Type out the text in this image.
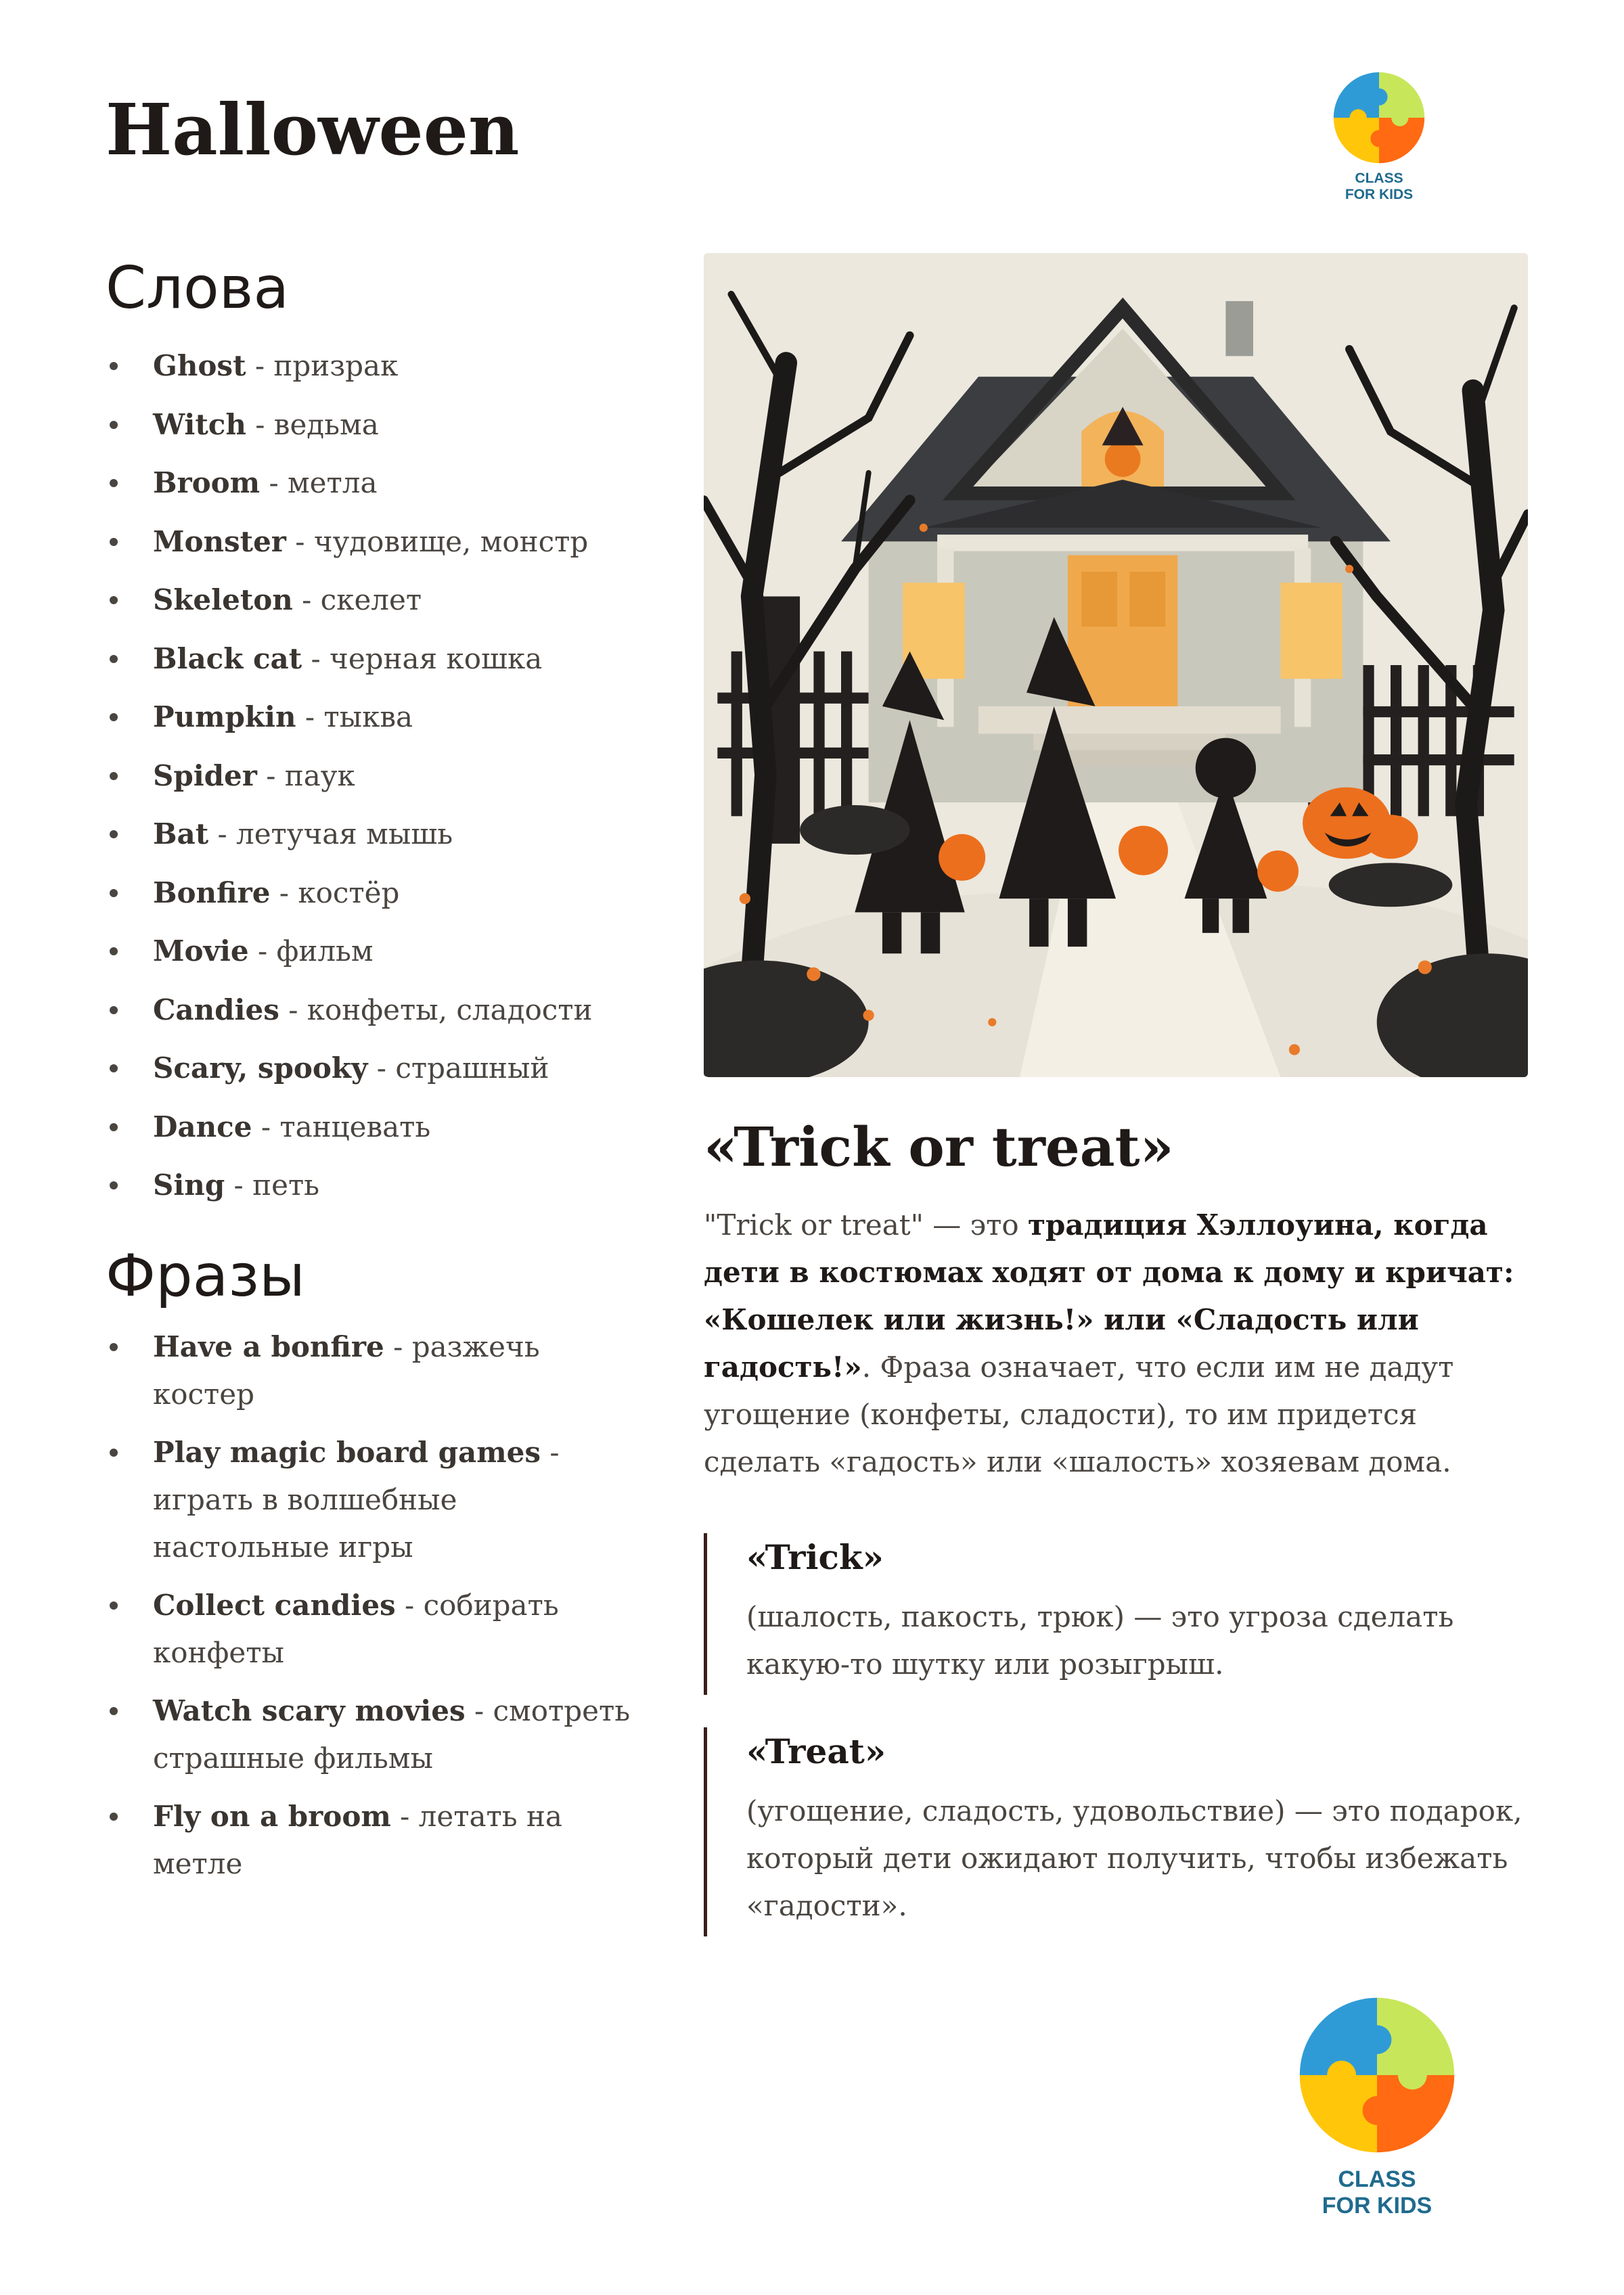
Halloween
CLASS
FOR KIDS
Слова
Ghost - призрак
Witch - ведьма
Broom - метла
Monster - чудовище, монстр
Skeleton - скелет
Black cat - черная кошка
Pumpkin - тыква
Spider - паук
Bat - летучая мышь
Bonfire - костёр
Movie - фильм
Candies - конфеты, сладости
Scary, spooky - страшный
Dance - танцевать
Sing - петь
Фразы
Have a bonfire - разжечь костер
Play magic board games - играть в волшебные настольные игры
Collect candies - собирать конфеты
Watch scary movies - смотреть страшные фильмы
Fly on a broom - летать на метле
«Trick or treat»

"Trick or treat" — это традиция Хэллоуина, когда дети в костюмах ходят от дома к дому и кричат: «Кошелек или жизнь!» или «Сладость или гадость!». Фраза означает, что если им не дадут угощение (конфеты, сладости), то им придется сделать «гадость» или «шалость» хозяевам дома.

«Trick»

(шалость, пакость, трюк) — это угроза сделать какую-то шутку или розыгрыш.

«Treat»

(угощение, сладость, удовольствие) — это подарок, который дети ожидают получить, чтобы избежать «гадости».

CLASS
FOR KIDS
